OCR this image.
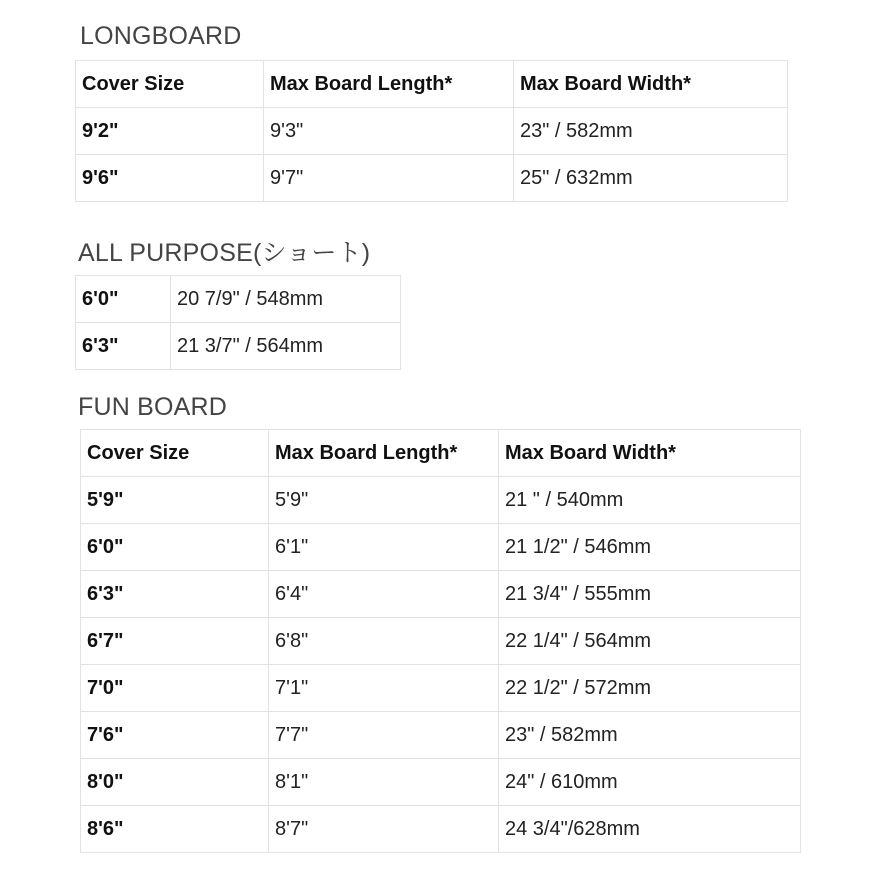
LONGBOARD
Cover Size	Max Board Length*	Max Board Width*
9'2"	9'3"	23" / 582mm
9'6"	9'7"	25" / 632mm
ALL PURPOSE(ショート)
6'0"	20 7/9" / 548mm
6'3"	21 3/7" / 564mm
FUN BOARD
Cover Size	Max Board Length*	Max Board Width*
5'9"	5'9"	21 " / 540mm
6'0"	6'1"	21 1/2" / 546mm
6'3"	6'4"	21 3/4" / 555mm
6'7"	6'8"	22 1/4" / 564mm
7'0"	7'1"	22 1/2" / 572mm
7'6"	7'7"	23" / 582mm
8'0"	8'1"	24" / 610mm
8'6"	8'7"	24 3/4"/628mm
